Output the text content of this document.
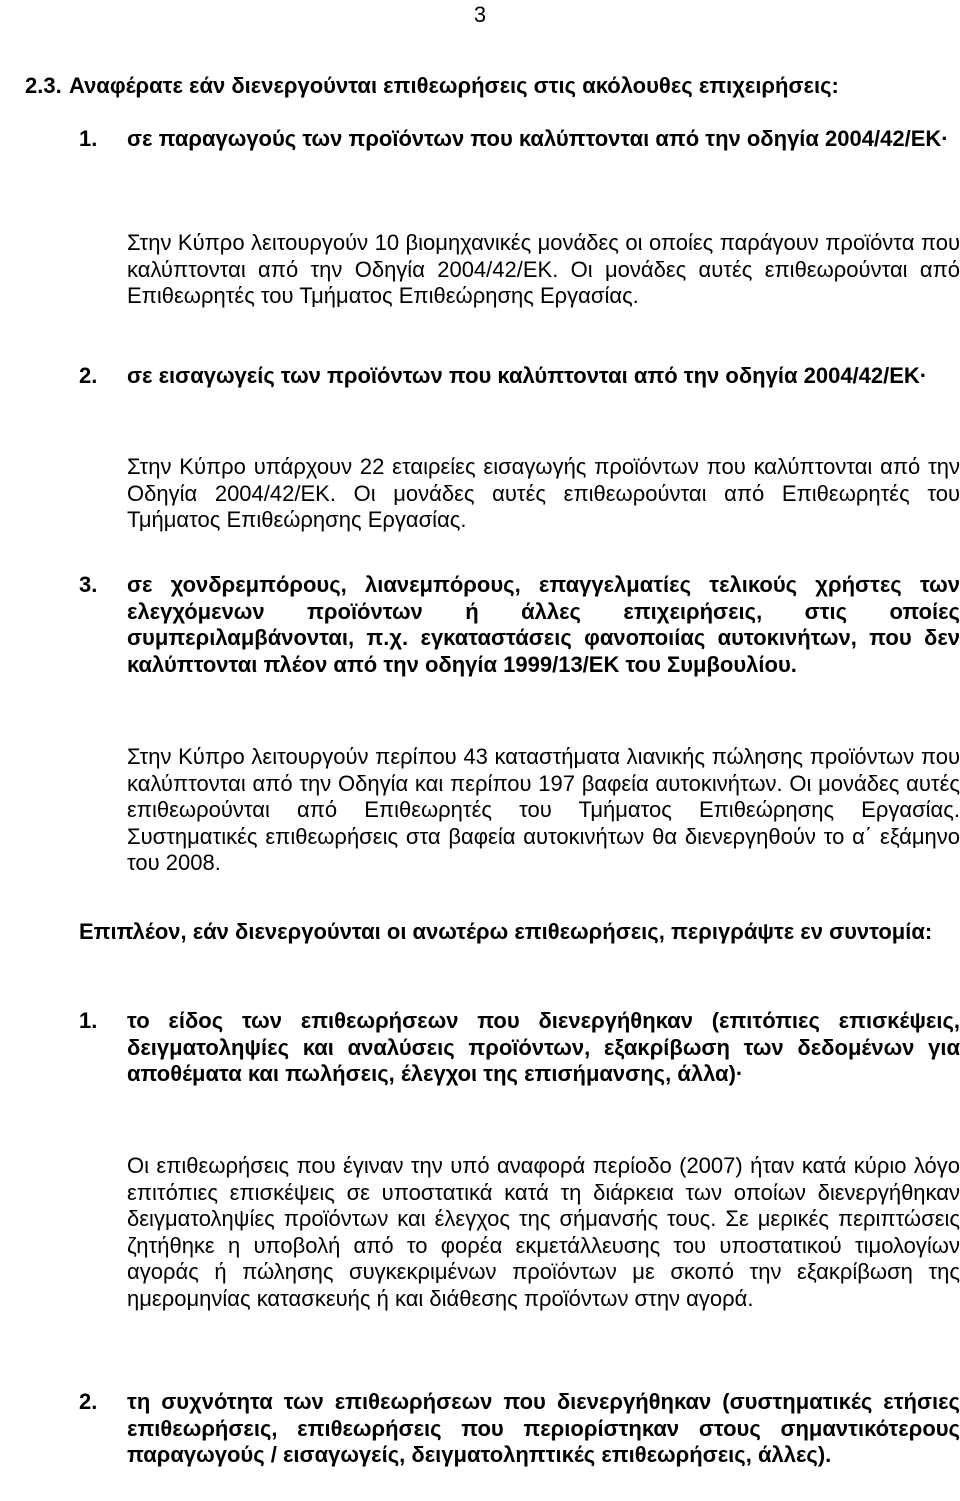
3
2.3. Αναφέρατε εάν διενεργούνται επιθεωρήσεις στις ακόλουθες επιχειρήσεις:
1. σε παραγωγούς των προϊόντων που καλύπτονται από την οδηγία 2004/42/ΕΚ·
Στην Κύπρο λειτουργούν 10 βιομηχανικές μονάδες οι οποίες παράγουν προϊόντα που καλύπτονται από την Οδηγία 2004/42/ΕΚ. Οι μονάδες αυτές επιθεωρούνται από Επιθεωρητές του Τμήματος Επιθεώρησης Εργασίας.
2. σε εισαγωγείς των προϊόντων που καλύπτονται από την οδηγία 2004/42/ΕΚ·
Στην Κύπρο υπάρχουν 22 εταιρείες εισαγωγής προϊόντων που καλύπτονται από την Οδηγία 2004/42/ΕΚ. Οι μονάδες αυτές επιθεωρούνται από Επιθεωρητές του Τμήματος Επιθεώρησης Εργασίας.
3. σε χονδρεμπόρους, λιανεμπόρους, επαγγελματίες τελικούς χρήστες των ελεγχόμενων προϊόντων ή άλλες επιχειρήσεις, στις οποίες συμπεριλαμβάνονται, π.χ. εγκαταστάσεις φανοποιίας αυτοκινήτων, που δεν καλύπτονται πλέον από την οδηγία 1999/13/ΕΚ του Συμβουλίου.
Στην Κύπρο λειτουργούν περίπου 43 καταστήματα λιανικής πώλησης προϊόντων που καλύπτονται από την Οδηγία και περίπου 197 βαφεία αυτοκινήτων. Οι μονάδες αυτές επιθεωρούνται από Επιθεωρητές του Τμήματος Επιθεώρησης Εργασίας. Συστηματικές επιθεωρήσεις στα βαφεία αυτοκινήτων θα διενεργηθούν το α΄ εξάμηνο του 2008.
Επιπλέον, εάν διενεργούνται οι ανωτέρω επιθεωρήσεις, περιγράψτε εν συντομία:
1. το είδος των επιθεωρήσεων που διενεργήθηκαν (επιτόπιες επισκέψεις, δειγματοληψίες και αναλύσεις προϊόντων, εξακρίβωση των δεδομένων για αποθέματα και πωλήσεις, έλεγχοι της επισήμανσης, άλλα)·
Οι επιθεωρήσεις που έγιναν την υπό αναφορά περίοδο (2007) ήταν κατά κύριο λόγο επιτόπιες επισκέψεις σε υποστατικά κατά τη διάρκεια των οποίων διενεργήθηκαν δειγματοληψίες προϊόντων και έλεγχος της σήμανσής τους. Σε μερικές περιπτώσεις ζητήθηκε η υποβολή από το φορέα εκμετάλλευσης του υποστατικού τιμολογίων αγοράς ή πώλησης συγκεκριμένων προϊόντων με σκοπό την εξακρίβωση της ημερομηνίας κατασκευής ή και διάθεσης προϊόντων στην αγορά.
2. τη συχνότητα των επιθεωρήσεων που διενεργήθηκαν (συστηματικές ετήσιες επιθεωρήσεις, επιθεωρήσεις που περιορίστηκαν στους σημαντικότερους παραγωγούς / εισαγωγείς, δειγματοληπτικές επιθεωρήσεις, άλλες).
